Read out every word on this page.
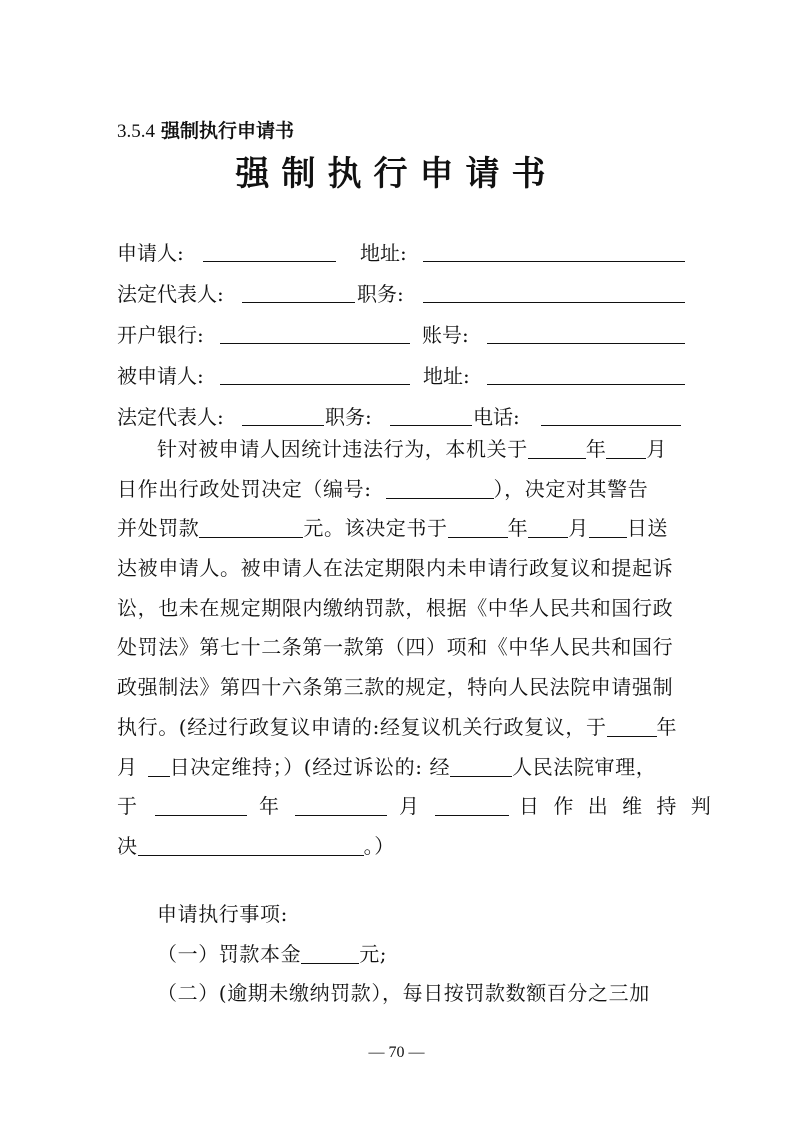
3.5.4 强制执行申请书
强制执行申请书
申请人:	地址:
法定代表人:	职务:
开户银行:	账号:
被申请人:	地址:
法定代表人:	职务:	电话:
针对被申请人因统计违法行为，本机关于	年 月
日作出行政处罚决定（编号:	），决定对其警告
并处罚款	元。该决定书于	年 月 日送
达被申请人。被申请人在法定期限内未申请行政复议和提起诉
讼，也未在规定期限内缴纳罚款，根据《中华人民共和国行政
处罚法》第七十二条第一款第（四）项和《中华人民共和国行
政强制法》第四十六条第三款的规定，特向人民法院申请强制
执行。(经过行政复议申请的:经复议机关行政复议，于	年
月 日决定维持；）(经过诉讼的: 经	人民法院审理，
于	年	月	日 作 出 维 持 判
决	。）
申请执行事项:
（一）罚款本金	元;
（二）(逾期未缴纳罚款），每日按罚款数额百分之三加
— 70 —
